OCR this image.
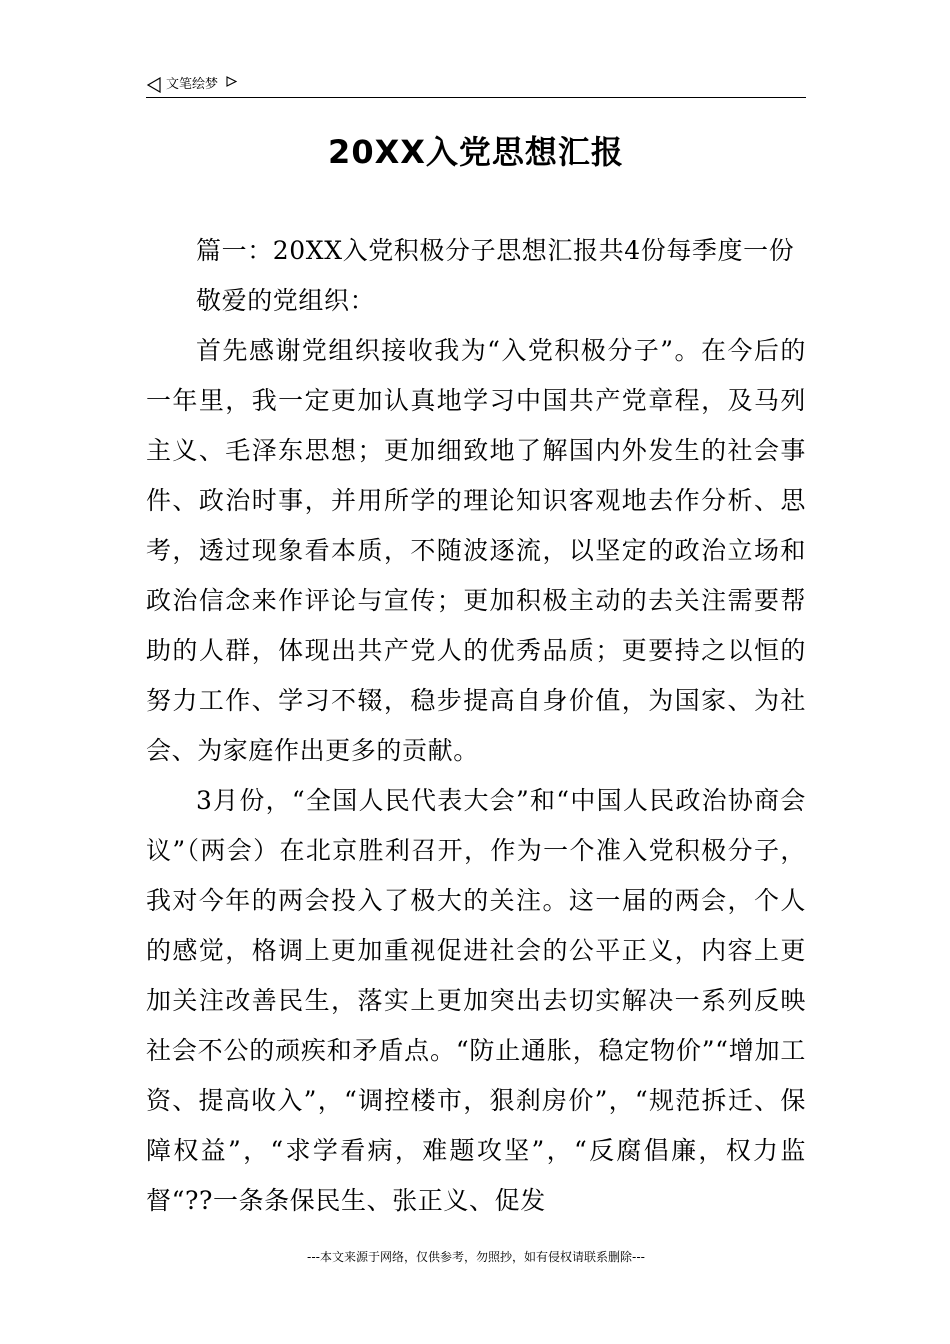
文笔绘梦
20XX入党思想汇报

篇一：20XX入党积极分子思想汇报共4份每季度一份

敬爱的党组织：

首先感谢党组织接收我为“入党积极分子”。在今后的一年里，我一定更加认真地学习中国共产党章程，及马列主义、毛泽东思想；更加细致地了解国内外发生的社会事件、政治时事，并用所学的理论知识客观地去作分析、思考，透过现象看本质，不随波逐流，以坚定的政治立场和政治信念来作评论与宣传；更加积极主动的去关注需要帮助的人群，体现出共产党人的优秀品质；更要持之以恒的努力工作、学习不辍，稳步提高自身价值，为国家、为社会、为家庭作出更多的贡献。

3月份，“全国人民代表大会”和“中国人民政治协商会议”（两会）在北京胜利召开，作为一个准入党积极分子，我对今年的两会投入了极大的关注。这一届的两会，个人的感觉，格调上更加重视促进社会的公平正义，内容上更加关注改善民生，落实上更加突出去切实解决一系列反映社会不公的顽疾和矛盾点。“防止通胀，稳定物价”“增加工资、提高收入”，“调控楼市，狠刹房价”，“规范拆迁、保障权益”，“求学看病，难题攻坚”，“反腐倡廉，权力监督“??一条条保民生、张正义、促发

---本文来源于网络，仅供参考，勿照抄，如有侵权请联系删除---
